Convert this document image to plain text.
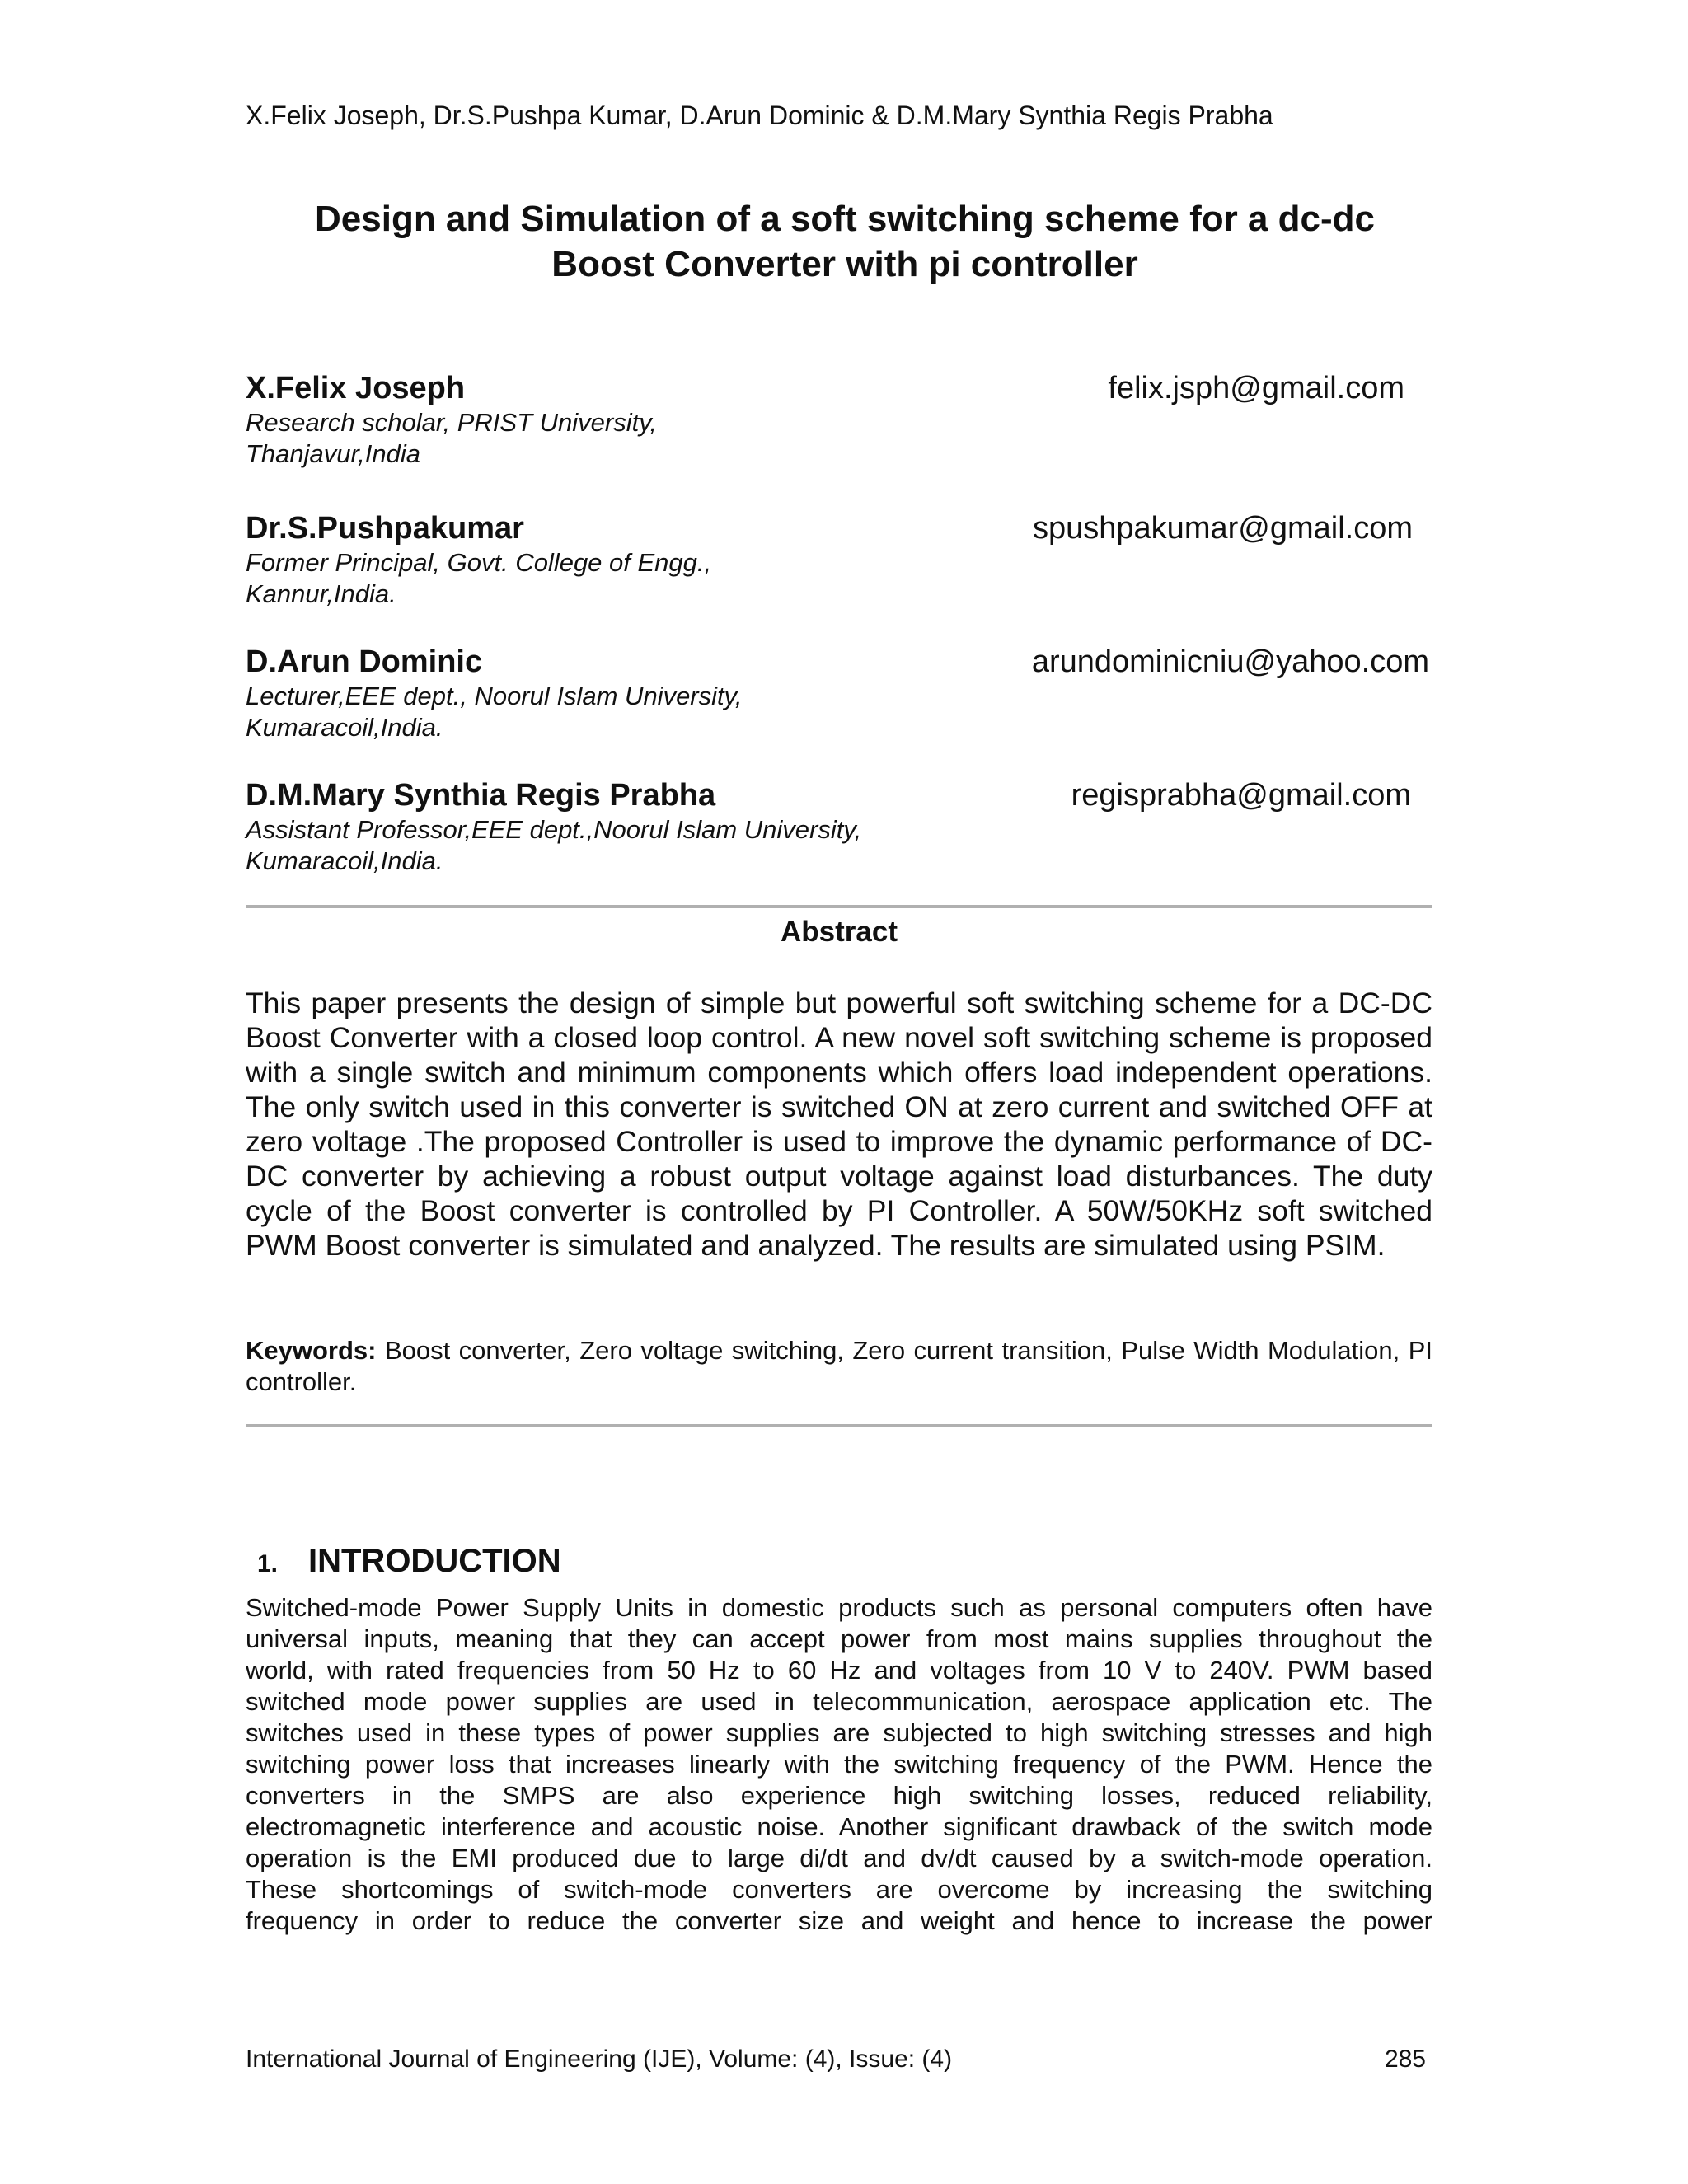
X.Felix Joseph, Dr.S.Pushpa Kumar, D.Arun Dominic & D.M.Mary Synthia Regis Prabha
Design and Simulation of a soft switching scheme for a dc-dc
Boost Converter with pi controller
X.Felix Joseph
Research scholar, PRIST University,
Thanjavur,India
felix.jsph@gmail.com
Dr.S.Pushpakumar
Former Principal, Govt. College of Engg.,
Kannur,India.
spushpakumar@gmail.com
D.Arun Dominic
Lecturer,EEE dept., Noorul Islam University,
Kumaracoil,India.
arundominicniu@yahoo.com
D.M.Mary Synthia Regis Prabha
Assistant Professor,EEE dept.,Noorul Islam University,
Kumaracoil,India.
regisprabha@gmail.com
Abstract
This paper presents the design of simple but powerful soft switching scheme for a DC-DC Boost Converter with a closed loop control. A new novel soft switching scheme is proposed with a single switch and minimum components which offers load independent operations. The only switch used in this converter is switched ON at zero current and switched OFF at zero voltage .The proposed Controller is used to improve the dynamic performance of DC-DC converter by achieving a robust output voltage against load disturbances. The duty cycle of the Boost converter is controlled by PI Controller. A 50W/50KHz soft switched PWM Boost converter is simulated and analyzed. The results are simulated using PSIM.
Keywords: Boost converter, Zero voltage switching, Zero current transition, Pulse Width Modulation, PI controller.
1. INTRODUCTION
Switched-mode Power Supply Units in domestic products such as personal computers often have
universal inputs, meaning that they can accept power from most mains supplies throughout the
world, with rated frequencies from 50 Hz to 60 Hz and voltages from 10 V to 240V. PWM based
switched mode power supplies are used in telecommunication, aerospace application etc. The
switches used in these types of power supplies are subjected to high switching stresses and high
switching power loss that increases linearly with the switching frequency of the PWM. Hence the
converters in the SMPS are also experience high switching losses, reduced reliability,
electromagnetic interference and acoustic noise. Another significant drawback of the switch mode
operation is the EMI produced due to large di/dt and dv/dt caused by a switch-mode operation.
These shortcomings of switch-mode converters are overcome by increasing the switching
frequency in order to reduce the converter size and weight and hence to increase the power
International Journal of Engineering (IJE), Volume: (4), Issue: (4)	285
